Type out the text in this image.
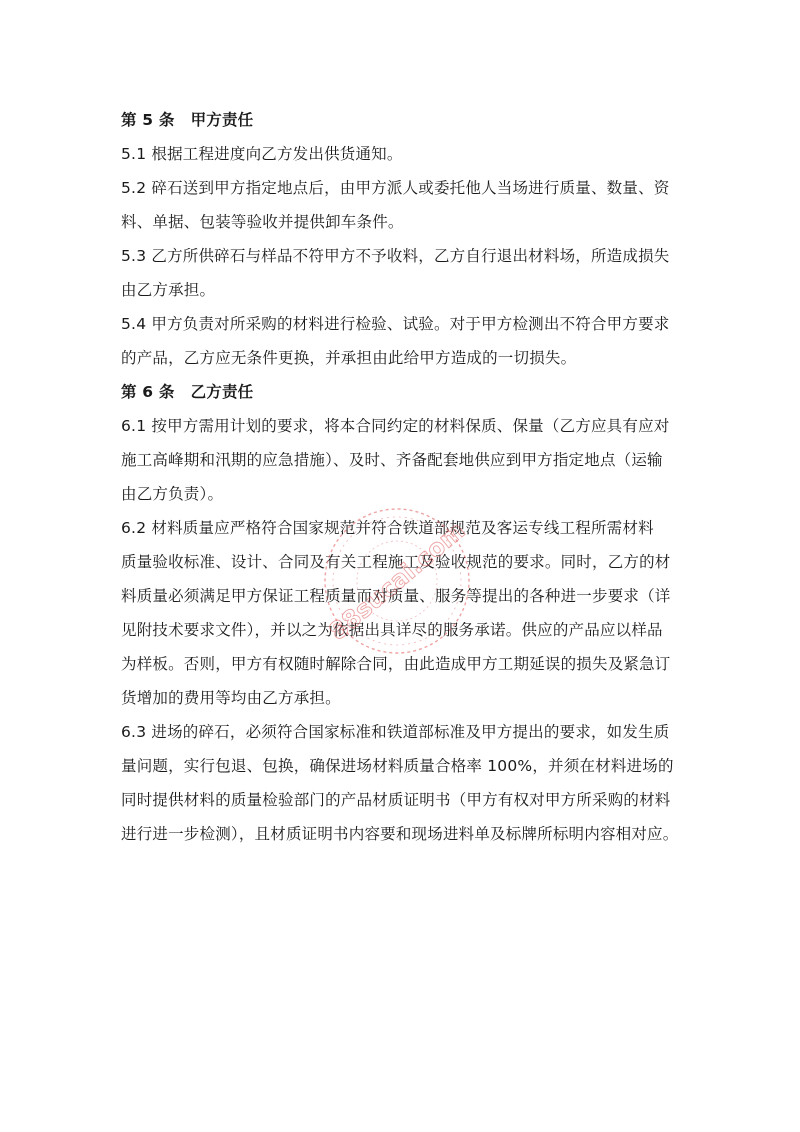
第 5 条 甲方责任
5.1 根据工程进度向乙方发出供货通知。
5.2 碎石送到甲方指定地点后，由甲方派人或委托他人当场进行质量、数量、资
料、单据、包装等验收并提供卸车条件。
5.3 乙方所供碎石与样品不符甲方不予收料，乙方自行退出材料场，所造成损失
由乙方承担。
5.4 甲方负责对所采购的材料进行检验、试验。对于甲方检测出不符合甲方要求
的产品，乙方应无条件更换，并承担由此给甲方造成的一切损失。
第 6 条 乙方责任
6.1 按甲方需用计划的要求，将本合同约定的材料保质、保量（乙方应具有应对
施工高峰期和汛期的应急措施）、及时、齐备配套地供应到甲方指定地点（运输
由乙方负责）。
6.2 材料质量应严格符合国家规范并符合铁道部规范及客运专线工程所需材料
质量验收标准、设计、合同及有关工程施工及验收规范的要求。同时，乙方的材
料质量必须满足甲方保证工程质量而对质量、服务等提出的各种进一步要求（详
见附技术要求文件），并以之为依据出具详尽的服务承诺。供应的产品应以样品
为样板。否则，甲方有权随时解除合同，由此造成甲方工期延误的损失及紧急订
货增加的费用等均由乙方承担。
6.3 进场的碎石，必须符合国家标准和铁道部标准及甲方提出的要求，如发生质
量问题，实行包退、包换，确保进场材料质量合格率 100%，并须在材料进场的
同时提供材料的质量检验部门的产品材质证明书（甲方有权对甲方所采购的材料
进行进一步检测），且材质证明书内容要和现场进料单及标牌所标明内容相对应。
88sucai.com
